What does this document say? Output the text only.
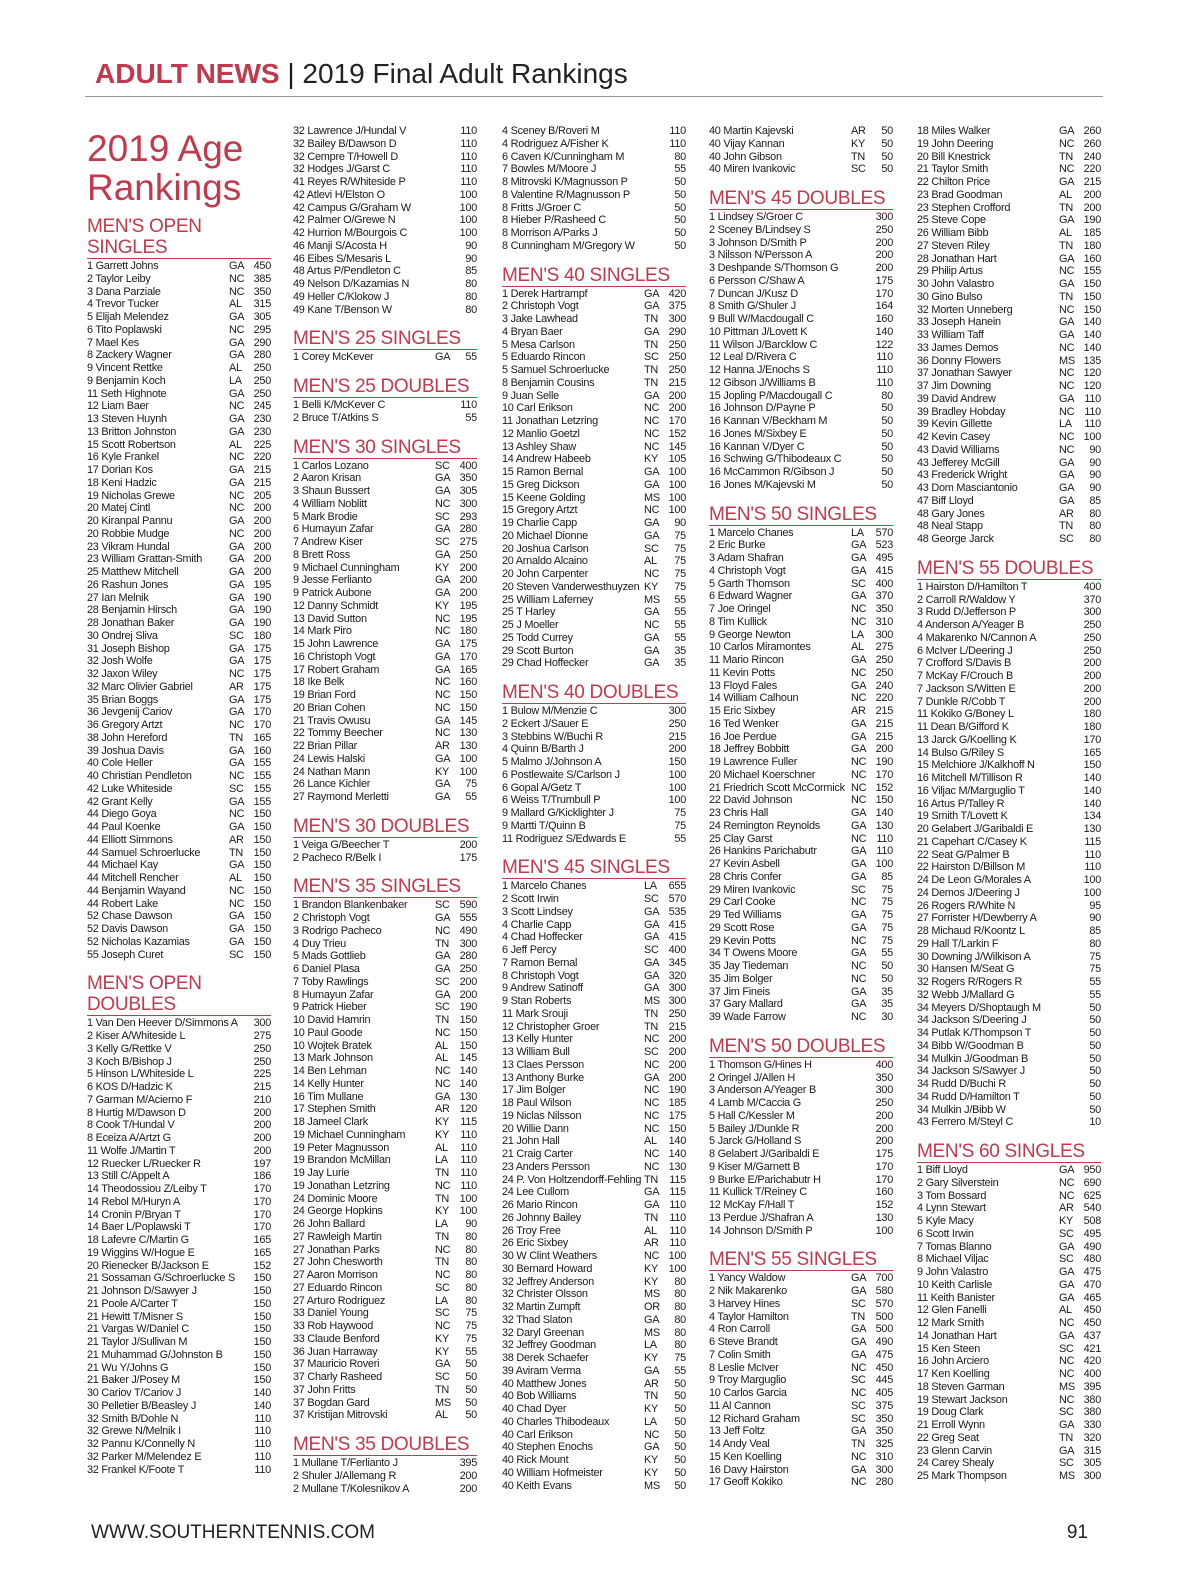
ADULT NEWS | 2019 Final Adult Rankings
2019 Age Rankings
MEN'S OPEN SINGLES
1 Garrett Johns	GA 450
2 Taylor Leiby	NC 385
3 Dana Parziale	NC 350
4 Trevor Tucker	AL	315
5 Elijah Melendez	GA 305
6 Tito Poplawski	NC 295
7 Mael Kes	GA 290
8 Zackery Wagner	GA 280
9 Vincent Rettke	AL	250
9 Benjamin Koch	LA	250
11 Seth Highnote	GA 250
12 Liam Baer	NC 245
13 Steven Huynh	GA 230
13 Britton Johnston	GA 230
15 Scott Robertson	AL	225
16 Kyle Frankel	NC 220
17 Dorian Kos	GA 215
18 Keni Hadzic	GA 215
19 Nicholas Grewe	NC 205
20 Matej Cintl	NC 200
20 Kiranpal Pannu	GA 200
20 Robbie Mudge	NC 200
23 Vikram Hundal	GA 200
23 William Grattan-Smith	GA 200
25 Matthew Mitchell	GA 200
26 Rashun Jones	GA 195
27 Ian Melnik	GA 190
28 Benjamin Hirsch	GA 190
28 Jonathan Baker	GA 190
30 Ondrej Sliva	SC 180
31 Joseph Bishop	GA 175
32 Josh Wolfe	GA 175
32 Jaxon Wiley	NC 175
32 Marc Olivier Gabriel	AR 175
35 Brian Boggs	GA 175
36 Jevgenij Cariov	GA 170
36 Gregory Artzt	NC 170
38 John Hereford	TN 165
39 Joshua Davis	GA 160
40 Cole Heller	GA 155
40 Christian Pendleton	NC 155
42 Luke Whiteside	SC 155
42 Grant Kelly	GA 155
44 Diego Goya	NC 150
44 Paul Koenke	GA 150
44 Elliott Simmons	AR 150
44 Samuel Schroerlucke	TN 150
44 Michael Kay	GA 150
44 Mitchell Rencher	AL	150
44 Benjamin Wayand	NC 150
44 Robert Lake	NC 150
52 Chase Dawson	GA 150
52 Davis Dawson	GA 150
52 Nicholas Kazamias	GA 150
55 Joseph Curet	SC 150
MEN'S OPEN DOUBLES
1 Van Den Heever D/Simmons A	300
2 Kiser A/Whiteside L	275
3 Kelly G/Rettke V	250
3 Koch B/Bishop J	250
5 Hinson L/Whiteside L	225
6 KOS D/Hadzic K	215
7 Garman M/Acierno F	210
8 Hurtig M/Dawson D	200
8 Cook T/Hundal V	200
8 Eceiza A/Artzt G	200
11 Wolfe J/Martin T	200
12 Ruecker L/Ruecker R	197
13 Still C/Appelt A	186
14 Theodossiou Z/Leiby T	170
14 Rebol M/Huryn A	170
14 Cronin P/Bryan T	170
14 Baer L/Poplawski T	170
18 Lafevre C/Martin G	165
19 Wiggins W/Hogue E	165
20 Rienecker B/Jackson E	152
21 Sossaman G/Schroerlucke S	150
21 Johnson D/Sawyer J	150
21 Poole A/Carter T	150
21 Hewitt T/Misner S	150
21 Vargas W/Daniel C	150
21 Taylor J/Sullivan M	150
21 Muhammad G/Johnston B	150
21 Wu Y/Johns G	150
21 Baker J/Posey M	150
30 Cariov T/Cariov J	140
30 Pelletier B/Beasley J	140
32 Smith B/Dohle N	110
32 Grewe N/Melnik I	110
32 Pannu K/Connelly N	110
32 Parker M/Melendez E	110
32 Frankel K/Foote T	110
32 Lawrence J/Hundal V	110
32 Bailey B/Dawson D	110
32 Cempre T/Howell D	110
32 Hodges J/Garst C	110
41 Reyes R/Whiteside P	110
42 Atlevi H/Elston O	100
42 Campus G/Graham W	100
42 Palmer O/Grewe N	100
42 Hurrion M/Bourgois C	100
46 Manji S/Acosta H	90
46 Eibes S/Mesaris L	90
48 Artus P/Pendleton C	85
49 Nelson D/Kazamias N	80
49 Heller C/Klokow J	80
49 Kane T/Benson W	80
MEN'S 25 SINGLES
1 Corey McKever	GA	55
MEN'S 25 DOUBLES
1 Belli K/McKever C	110
2 Bruce T/Atkins S	55
MEN'S 30 SINGLES
1 Carlos Lozano	SC 400
2 Aaron Krisan	GA 350
3 Shaun Bussert	GA 305
4 William Noblitt	NC 300
5 Mark Brodie	SC 293
6 Humayun Zafar	GA 280
7 Andrew Kiser	SC 275
8 Brett Ross	GA 250
9 Michael Cunningham	KY 200
9 Jesse Ferlianto	GA 200
9 Patrick Aubone	GA 200
12 Danny Schmidt	KY 195
13 David Sutton	NC 195
14 Mark Piro	NC 180
15 John Lawrence	GA 175
16 Christoph Vogt	GA 170
17 Robert Graham	GA 165
18 Ike Belk	NC 160
19 Brian Ford	NC 150
20 Brian Cohen	NC 150
21 Travis Owusu	GA 145
22 Tommy Beecher	NC 130
22 Brian Pillar	AR 130
24 Lewis Halski	GA 100
24 Nathan Mann	KY 100
26 Lance Kichler	GA	75
27 Raymond Merletti	GA	55
MEN'S 30 DOUBLES
1 Veiga G/Beecher T	200
2 Pacheco R/Belk I	175
MEN'S 35 SINGLES
1 Brandon Blankenbaker	SC 590
2 Christoph Vogt	GA 555
3 Rodrigo Pacheco	NC 490
4 Duy Trieu	TN 300
5 Mads Gottlieb	GA 280
6 Daniel Plasa	GA 250
7 Toby Rawlings	SC 200
8 Humayun Zafar	GA 200
9 Patrick Hieber	SC 190
10 David Hamrin	TN 150
10 Paul Goode	NC 150
10 Wojtek Bratek	AL	150
13 Mark Johnson	AL	145
14 Ben Lehman	NC 140
14 Kelly Hunter	NC 140
16 Tim Mullane	GA 130
17 Stephen Smith	AR 120
18 Jameel Clark	KY	115
19 Michael Cunningham	KY	110
19 Peter Magnusson	AL	110
19 Brandon McMillan	LA	110
19 Jay Lurie	TN	110
19 Jonathan Letzring	NC 110
24 Dominic Moore	TN 100
24 George Hopkins	KY 100
26 John Ballard	LA	90
27 Rawleigh Martin	TN	80
27 Jonathan Parks	NC	80
27 John Chesworth	TN	80
27 Aaron Morrison	NC	80
27 Eduardo Rincon	SC	80
27 Arturo Rodriguez	LA	80
33 Daniel Young	SC	75
33 Rob Haywood	NC	75
33 Claude Benford	KY	75
36 Juan Harraway	KY	55
37 Mauricio Roveri	GA	50
37 Charly Rasheed	SC	50
37 John Fritts	TN	50
37 Bogdan Gard	MS	50
37 Kristijan Mitrovski	AL	50
MEN'S 35 DOUBLES
1 Mullane T/Ferlianto J	395
2 Shuler J/Allemang R	200
2 Mullane T/Kolesnikov A	200
4 Sceney B/Roveri M	110
4 Rodriguez A/Fisher K	110
6 Caven K/Cunningham M	80
7 Bowles M/Moore J	55
8 Mitrovski K/Magnusson P	50
8 Valentine R/Magnusson P	50
8 Fritts J/Groer C	50
8 Hieber P/Rasheed C	50
8 Morrison A/Parks J	50
8 Cunningham M/Gregory W	50
MEN'S 40 SINGLES
1 Derek Hartrampf	GA 420
2 Christoph Vogt	GA 375
3 Jake Lawhead	TN 300
4 Bryan Baer	GA 290
5 Mesa Carlson	TN 250
5 Eduardo Rincon	SC 250
5 Samuel Schroerlucke	TN 250
8 Benjamin Cousins	TN 215
9 Juan Selle	GA 200
10 Carl Erikson	NC 200
11 Jonathan Letzring	NC 170
12 Manlio Goetzl	NC 152
13 Ashley Shaw	NC 145
14 Andrew Habeeb	KY 105
15 Ramon Bernal	GA 100
15 Greg Dickson	GA 100
15 Keene Golding	MS 100
15 Gregory Artzt	NC 100
19 Charlie Capp	GA	90
20 Michael Dionne	GA	75
20 Joshua Carlson	SC	75
20 Arnaldo Alcaino	AL	75
20 John Carpenter	NC	75
20 Steven Vanderwesthuyzen KY	75
25 William Laferney	MS	55
25 T Harley	GA	55
25 J Moeller	NC	55
25 Todd Currey	GA	55
29 Scott Burton	GA	35
29 Chad Hoffecker	GA	35
MEN'S 40 DOUBLES
1 Bulow M/Menzie C	300
2 Eckert J/Sauer E	250
3 Stebbins W/Buchi R	215
4 Quinn B/Barth J	200
5 Malmo J/Johnson A	150
6 Postlewaite S/Carlson J	100
6 Gopal A/Getz T	100
6 Weiss T/Trumbull P	100
9 Mallard G/Kicklighter J	75
9 Martti T/Quinn B	75
11 Rodriguez S/Edwards E	55
MEN'S 45 SINGLES
1 Marcelo Chanes	LA	655
2 Scott Irwin	SC 570
3 Scott Lindsey	GA 535
4 Charlie Capp	GA 415
4 Chad Hoffecker	GA 415
6 Jeff Percy	SC 400
7 Ramon Bernal	GA 345
8 Christoph Vogt	GA 320
9 Andrew Satinoff	GA 300
9 Stan Roberts	MS 300
11 Mark Srouji	TN 250
12 Christopher Groer	TN 215
13 Kelly Hunter	NC 200
13 William Bull	SC 200
13 Claes Persson	NC 200
13 Anthony Burke	GA 200
17 Jim Bolger	NC 190
18 Paul Wilson	NC 185
19 Niclas Nilsson	NC 175
20 Willie Dann	NC 150
21 John Hall	AL	140
21 Craig Carter	NC 140
23 Anders Persson	NC 130
24 P. Von Holtzendorff-Fehling TN	115
24 Lee Cullom	GA 115
26 Mario Rincon	GA 110
26 Johnny Bailey	TN	110
26 Troy Free	AL	110
26 Eric Sixbey	AR 110
30 W Clint Weathers	NC 100
30 Bernard Howard	KY 100
32 Jeffrey Anderson	KY	80
32 Christer Olsson	MS	80
32 Martin Zumpft	OR	80
32 Thad Slaton	GA	80
32 Daryl Greenan	MS	80
32 Jeffrey Goodman	LA	80
38 Derek Schaefer	KY	75
39 Aviram Verma	GA	55
40 Matthew Jones	AR	50
40 Bob Williams	TN	50
40 Chad Dyer	KY	50
40 Charles Thibodeaux	LA	50
40 Carl Erikson	NC	50
40 Stephen Enochs	GA	50
40 Rick Mount	KY	50
40 William Hofmeister	KY	50
40 Keith Evans	MS	50
40 Martin Kajevski	AR	50
40 Vijay Kannan	KY	50
40 John Gibson	TN	50
40 Miren Ivankovic	SC	50
MEN'S 45 DOUBLES
1 Lindsey S/Groer C	300
2 Sceney B/Lindsey S	250
3 Johnson D/Smith P	200
3 Nilsson N/Persson A	200
3 Deshpande S/Thomson G	200
6 Persson C/Shaw A	175
7 Duncan J/Kusz D	170
8 Smith G/Shuler J	164
9 Bull W/Macdougall C	160
10 Pittman J/Lovett K	140
11 Wilson J/Barcklow C	122
12 Leal D/Rivera C	110
12 Hanna J/Enochs S	110
12 Gibson J/Williams B	110
15 Jopling P/Macdougall C	80
16 Johnson D/Payne P	50
16 Kannan V/Beckham M	50
16 Jones M/Sixbey E	50
16 Kannan V/Dyer C	50
16 Schwing G/Thibodeaux C	50
16 McCammon R/Gibson J	50
16 Jones M/Kajevski M	50
MEN'S 50 SINGLES
1 Marcelo Chanes	LA	570
2 Eric Burke	GA 523
3 Adam Shafran	GA 495
4 Christoph Vogt	GA 415
5 Garth Thomson	SC 400
6 Edward Wagner	GA 370
7 Joe Oringel	NC 350
8 Tim Kullick	NC 310
9 George Newton	LA	300
10 Carlos Miramontes	AL	275
11 Mario Rincon	GA 250
11 Kevin Potts	NC 250
13 Floyd Fales	GA 240
14 William Calhoun	NC 220
15 Eric Sixbey	AR 215
16 Ted Wenker	GA 215
16 Joe Perdue	GA 215
18 Jeffrey Bobbitt	GA 200
19 Lawrence Fuller	NC 190
20 Michael Koerschner	NC 170
21 Friedrich Scott McCormick NC 152
22 David Johnson	NC 150
23 Chris Hall	GA 140
24 Remington Reynolds	GA 130
25 Clay Garst	NC 110
26 Hankins Parichabutr	GA 110
27 Kevin Asbell	GA 100
28 Chris Confer	GA	85
29 Miren Ivankovic	SC	75
29 Carl Cooke	NC	75
29 Ted Williams	GA	75
29 Scott Rose	GA	75
29 Kevin Potts	NC	75
34 T Owens Moore	GA	55
35 Jay Tiedeman	NC	50
35 Jim Bolger	NC	50
37 Jim Fineis	GA	35
37 Gary Mallard	GA	35
39 Wade Farrow	NC	30
MEN'S 50 DOUBLES
1 Thomson G/Hines H	400
2 Oringel J/Allen H	350
3 Anderson A/Yeager B	300
4 Lamb M/Caccia G	250
5 Hall C/Kessler M	200
5 Bailey J/Dunkle R	200
5 Jarck G/Holland S	200
8 Gelabert J/Garibaldi E	175
9 Kiser M/Garnett B	170
9 Burke E/Parichabutr H	170
11 Kullick T/Reiney C	160
12 McKay F/Hall T	152
13 Perdue J/Shafran A	130
14 Johnson D/Smith P	100
MEN'S 55 SINGLES
1 Yancy Waldow	GA 700
2 Nik Makarenko	GA 580
3 Harvey Hines	SC 570
4 Taylor Hamilton	TN 500
4 Ron Carroll	GA 500
6 Steve Brandt	GA 490
7 Colin Smith	GA 475
8 Leslie McIver	NC 450
9 Troy Marguglio	SC 445
10 Carlos Garcia	NC 405
11 Al Cannon	SC 375
12 Richard Graham	SC 350
13 Jeff Foltz	GA 350
14 Andy Veal	TN 325
15 Ken Koelling	NC 310
16 Davy Hairston	GA 300
17 Geoff Kokiko	NC 280
18 Miles Walker	GA 260
19 John Deering	NC 260
20 Bill Knestrick	TN 240
21 Taylor Smith	NC 220
22 Chilton Price	GA 215
23 Brad Goodman	AL	200
23 Stephen Crofford	TN 200
25 Steve Cope	GA 190
26 William Bibb	AL	185
27 Steven Riley	TN 180
28 Jonathan Hart	GA 160
29 Philip Artus	NC 155
30 John Valastro	GA 150
30 Gino Bulso	TN 150
32 Morten Unneberg	NC 150
33 Joseph Hanein	GA 140
33 William Taff	GA 140
33 James Demos	NC 140
36 Donny Flowers	MS 135
37 Jonathan Sawyer	NC 120
37 Jim Downing	NC 120
39 David Andrew	GA 110
39 Bradley Hobday	NC 110
39 Kevin Gillette	LA	110
42 Kevin Casey	NC 100
43 David Williams	NC	90
43 Jefferey McGill	GA	90
43 Frederick Wright	GA	90
43 Dom Masciantonio	GA	90
47 Biff Lloyd	GA	85
48 Gary Jones	AR	80
48 Neal Stapp	TN	80
48 George Jarck	SC	80
MEN'S 55 DOUBLES
1 Hairston D/Hamilton T	400
2 Carroll R/Waldow Y	370
3 Rudd D/Jefferson P	300
4 Anderson A/Yeager B	250
4 Makarenko N/Cannon A	250
6 McIver L/Deering J	250
7 Crofford S/Davis B	200
7 McKay F/Crouch B	200
7 Jackson S/Witten E	200
7 Dunkle R/Cobb T	200
11 Kokiko G/Boney L	180
11 Dean B/Gifford K	180
13 Jarck G/Koelling K	170
14 Bulso G/Riley S	165
15 Melchiore J/Kalkhoff N	150
16 Mitchell M/Tillison R	140
16 Viljac M/Marguglio T	140
16 Artus P/Talley R	140
19 Smith T/Lovett K	134
20 Gelabert J/Garibaldi E	130
21 Capehart C/Casey K	115
22 Seat G/Palmer B	110
22 Hairston D/Billson M	110
24 De Leon G/Morales A	100
24 Demos J/Deering J	100
26 Rogers R/White N	95
27 Forrister H/Dewberry A	90
28 Michaud R/Koontz L	85
29 Hall T/Larkin F	80
30 Downing J/Wilkison A	75
30 Hansen M/Seat G	75
32 Rogers R/Rogers R	55
32 Webb J/Mallard G	55
34 Meyers D/Shoptaugh M	50
34 Jackson S/Deering J	50
34 Putlak K/Thompson T	50
34 Bibb W/Goodman B	50
34 Mulkin J/Goodman B	50
34 Jackson S/Sawyer J	50
34 Rudd D/Buchi R	50
34 Rudd D/Hamilton T	50
34 Mulkin J/Bibb W	50
43 Ferrero M/Steyl C	10
MEN'S 60 SINGLES
1 Biff Lloyd	GA 950
2 Gary Silverstein	NC 690
3 Tom Bossard	NC 625
4 Lynn Stewart	AR 540
5 Kyle Macy	KY 508
6 Scott Irwin	SC 495
7 Tomas Blanno	GA 490
8 Michael Viljac	SC 480
9 John Valastro	GA 475
10 Keith Carlisle	GA 470
11 Keith Banister	GA 465
12 Glen Fanelli	AL	450
12 Mark Smith	NC 450
14 Jonathan Hart	GA 437
15 Ken Steen	SC 421
16 John Arciero	NC 420
17 Ken Koelling	NC 400
18 Steven Garman	MS 395
19 Stewart Jackson	NC 380
19 Doug Clark	SC 380
21 Erroll Wynn	GA 330
22 Greg Seat	TN 320
23 Glenn Carvin	GA 315
24 Carey Shealy	SC 305
25 Mark Thompson	MS 300
WWW.SOUTHERNTENNIS.COM	91
